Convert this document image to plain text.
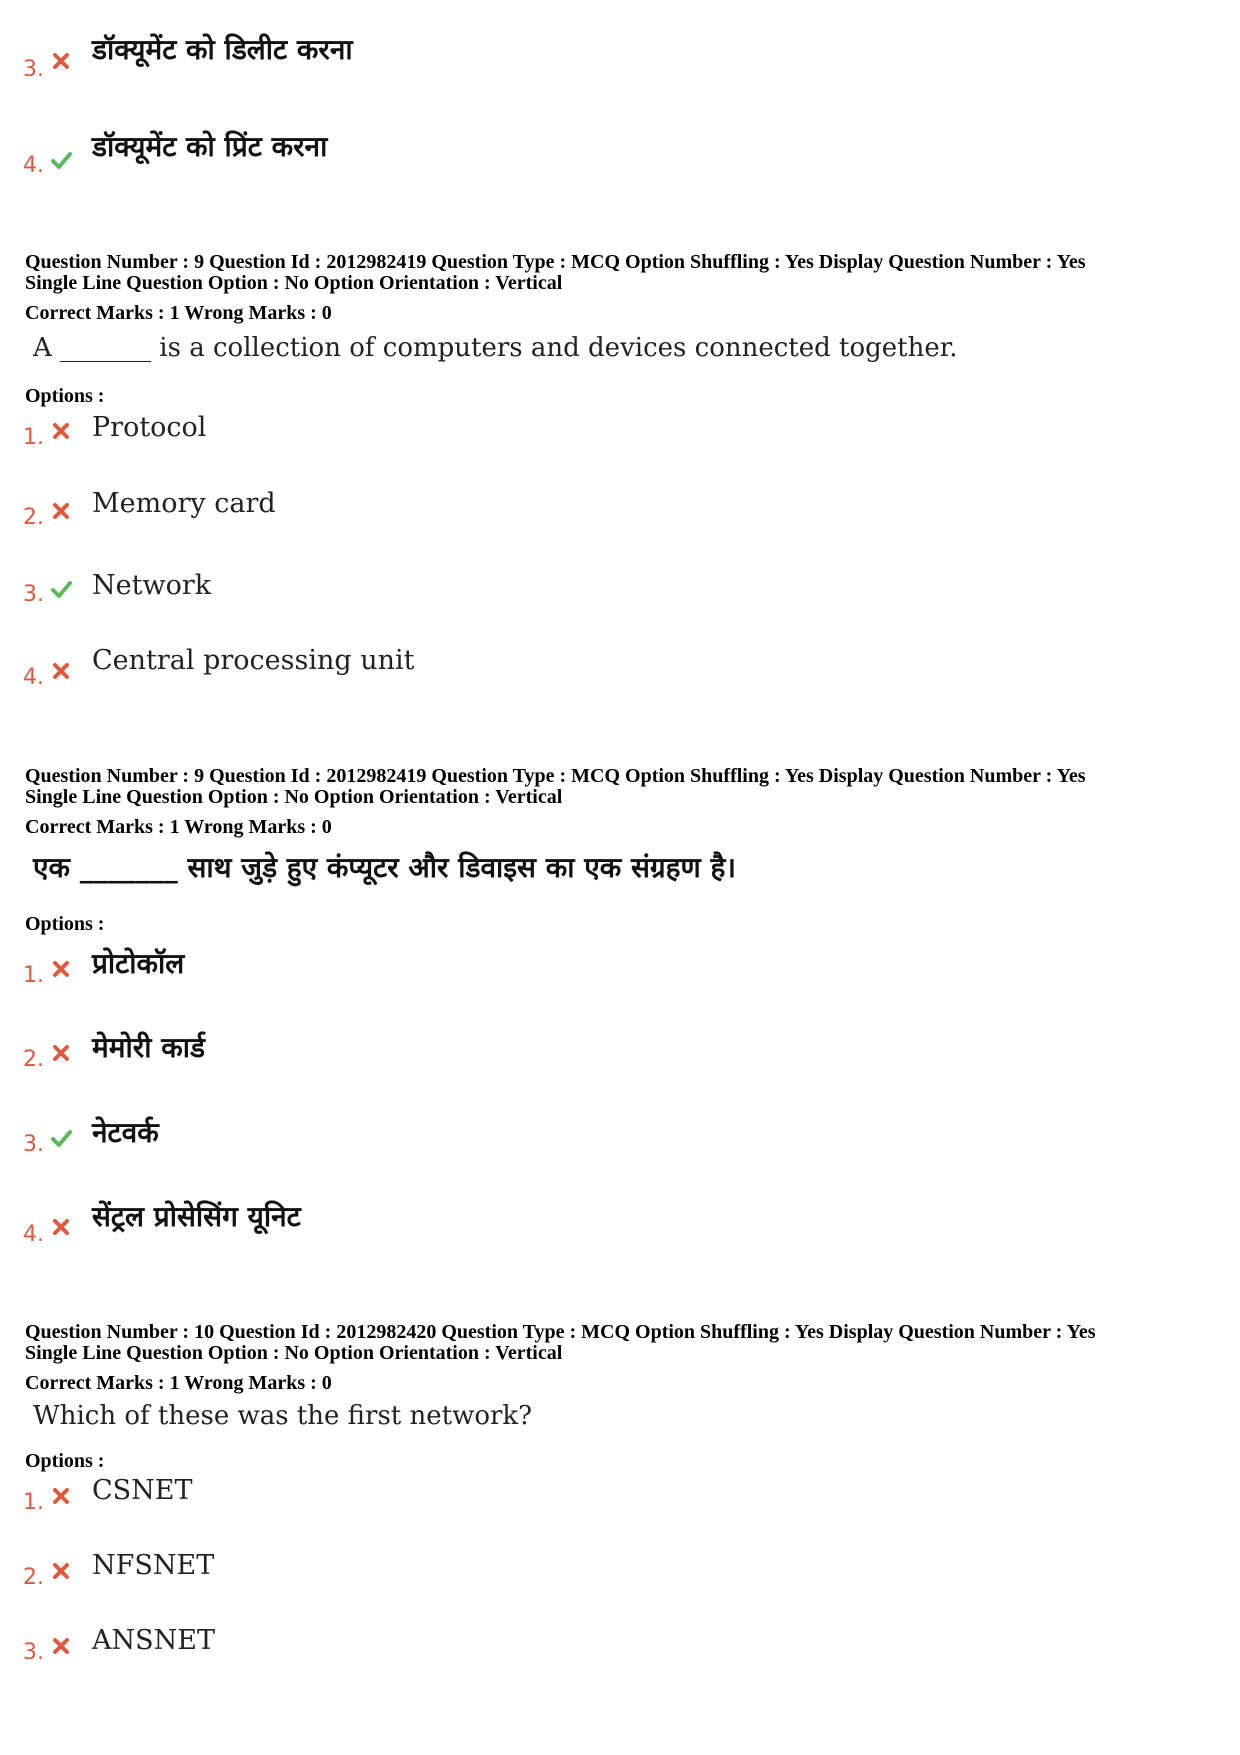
3.
डॉक्यूमेंट को डिलीट करना
4.
डॉक्यूमेंट को प्रिंट करना
Question Number : 9 Question Id : 2012982419 Question Type : MCQ Option Shuffling : Yes Display Question Number : Yes
Single Line Question Option : No Option Orientation : Vertical
Correct Marks : 1 Wrong Marks : 0
A _______ is a collection of computers and devices connected together.
Options :
1. Protocol
2. Memory card
3. Network
4.
Central processing unit
Question Number : 9 Question Id : 2012982419 Question Type : MCQ Option Shuffling : Yes Display Question Number : Yes
Single Line Question Option : No Option Orientation : Vertical
Correct Marks : 1 Wrong Marks : 0
एक _______ साथ जुड़े हुए कंप्यूटर और डिवाइस का एक संग्रहण है।
Options :
1. प्रोटोकॉल
2. मेमोरी कार्ड
3. नेटवर्क
4.
सेंट्रल प्रोसेसिंग यूनिट
Question Number : 10 Question Id : 2012982420 Question Type : MCQ Option Shuffling : Yes Display Question Number : Yes
Single Line Question Option : No Option Orientation : Vertical
Correct Marks : 1 Wrong Marks : 0
Which of these was the first network?
Options :
1. CSNET
2. NFSNET
3. ANSNET
